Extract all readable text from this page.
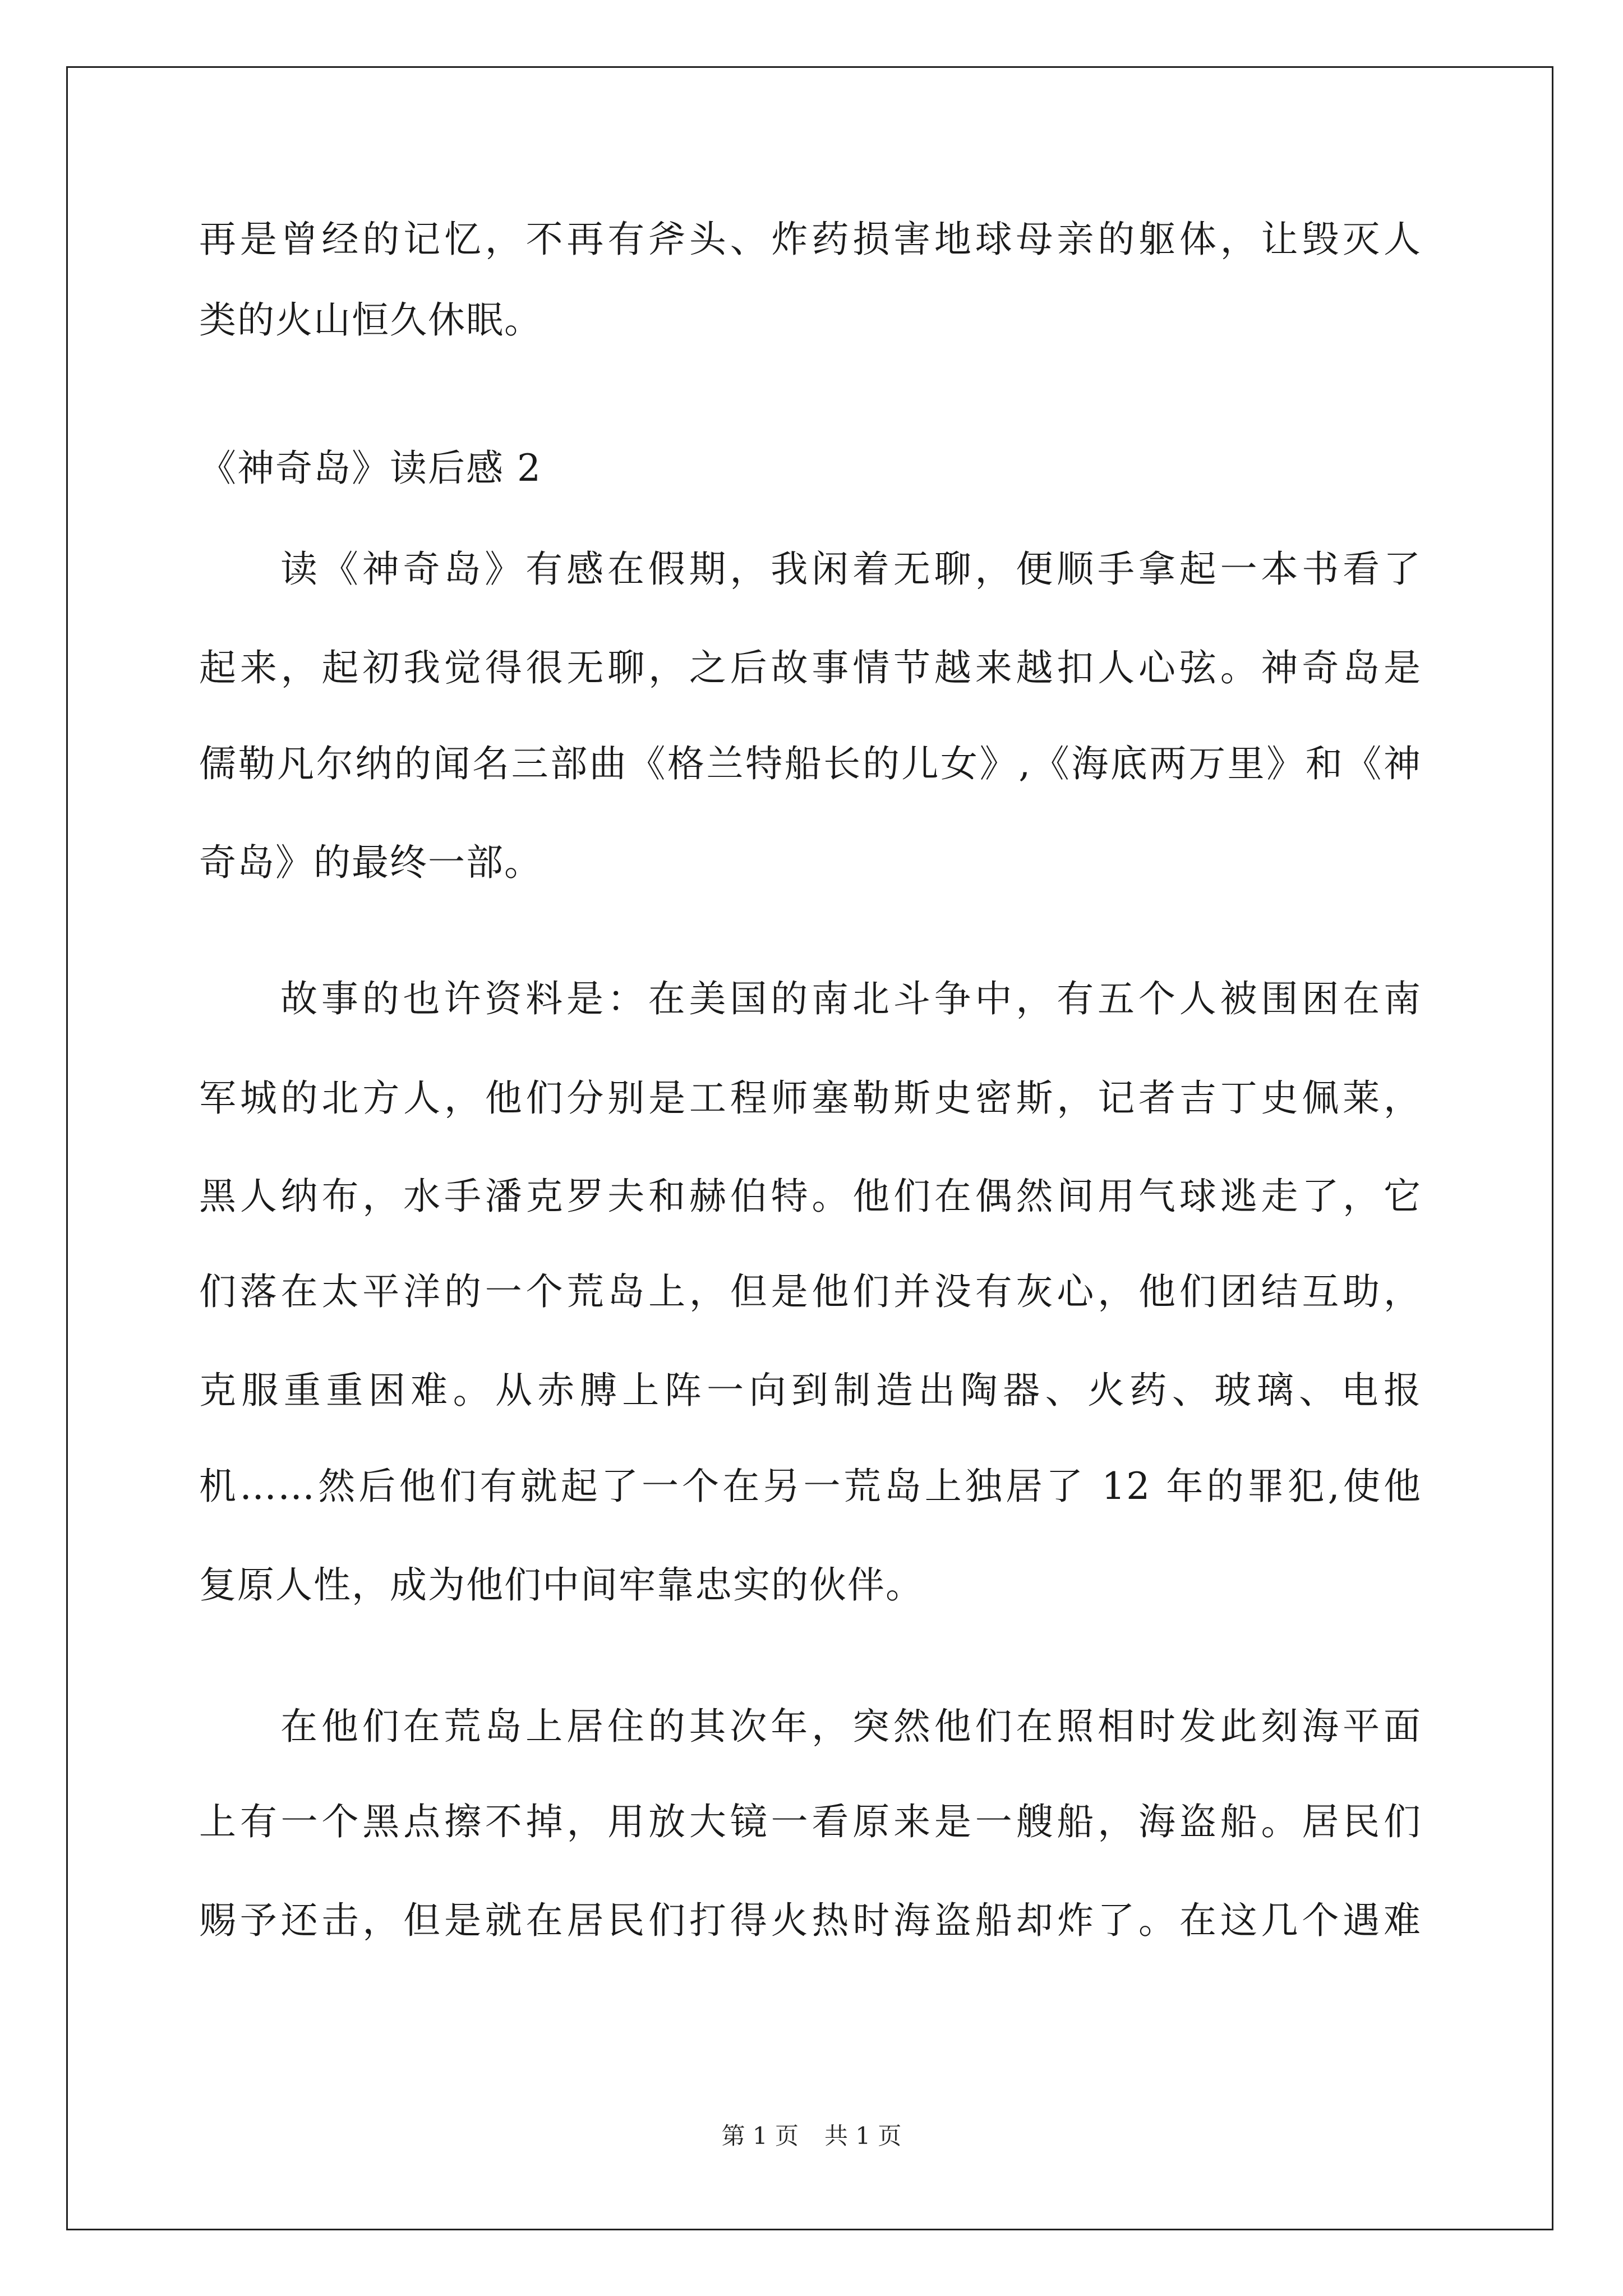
再是曾经的记忆，不再有斧头、炸药损害地球母亲的躯体，让毁灭人
类的火山恒久休眠。
《神奇岛》读后感 2
读《神奇岛》有感在假期，我闲着无聊，便顺手拿起一本书看了
起来，起初我觉得很无聊，之后故事情节越来越扣人心弦。神奇岛是
儒勒凡尔纳的闻名三部曲《格兰特船长的儿女》,《海底两万里》和《神
奇岛》的最终一部。
故事的也许资料是：在美国的南北斗争中，有五个人被围困在南
军城的北方人，他们分别是工程师塞勒斯史密斯，记者吉丁史佩莱，
黑人纳布，水手潘克罗夫和赫伯特。他们在偶然间用气球逃走了，它
们落在太平洋的一个荒岛上，但是他们并没有灰心，他们团结互助，
克服重重困难。从赤膊上阵一向到制造出陶器、火药、玻璃、电报
机……然后他们有就起了一个在另一荒岛上独居了 12 年的罪犯,使他
复原人性，成为他们中间牢靠忠实的伙伴。
在他们在荒岛上居住的其次年，突然他们在照相时发此刻海平面
上有一个黑点擦不掉，用放大镜一看原来是一艘船，海盗船。居民们
赐予还击，但是就在居民们打得火热时海盗船却炸了。在这几个遇难
第 1 页 共 1 页
